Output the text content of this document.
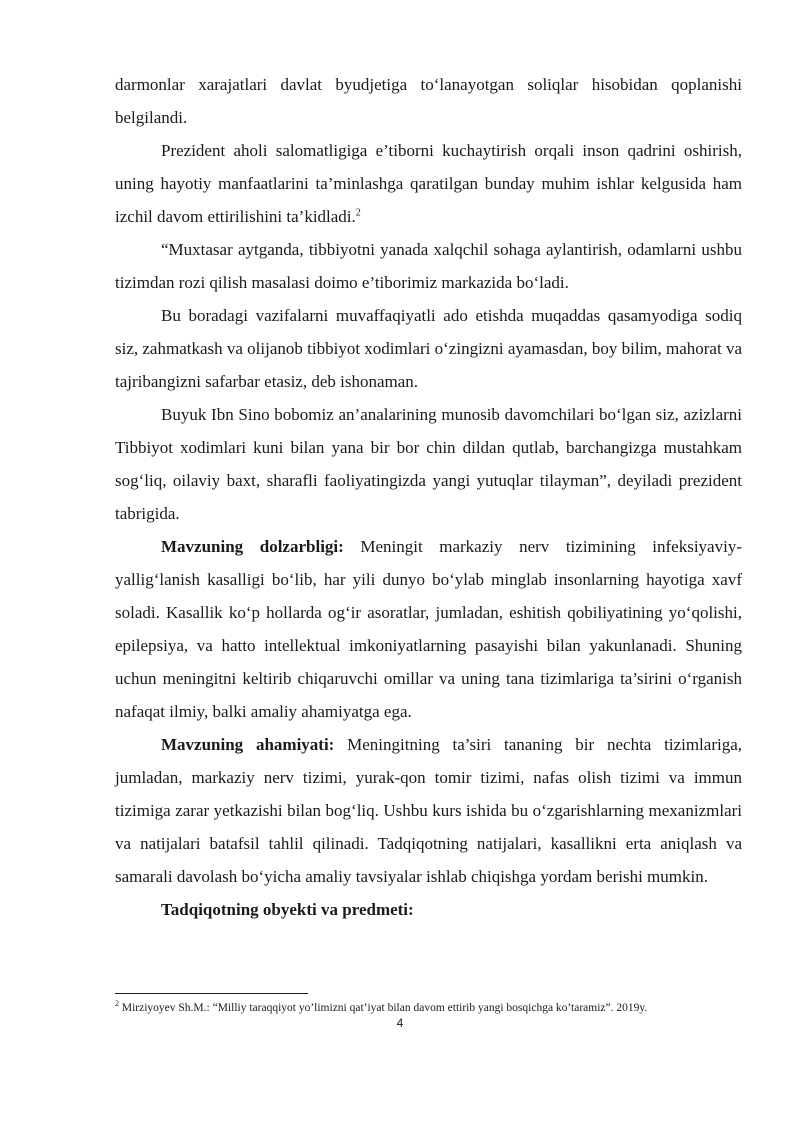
darmonlar xarajatlari davlat byudjetiga to‘lanayotgan soliqlar hisobidan qoplanishi belgilandi.

Prezident aholi salomatligiga e’tiborni kuchaytirish orqali inson qadrini oshirish, uning hayotiy manfaatlarini ta’minlashga qaratilgan bunday muhim ishlar kelgusida ham izchil davom ettirilishini ta’kidladi.$^2$

“Muxtasar aytganda, tibbiyotni yanada xalqchil sohaga aylantirish, odamlarni ushbu tizimdan rozi qilish masalasi doimo e’tiborimiz markazida bo‘ladi.

Bu boradagi vazifalarni muvaffaqiyatli ado etishda muqaddas qasamyodiga sodiq siz, zahmatkash va olijanob tibbiyot xodimlari o‘zingizni ayamasdan, boy bilim, mahorat va tajribangizni safarbar etasiz, deb ishonaman.

Buyuk Ibn Sino bobomiz an’analarining munosib davomchilari bo‘lgan siz, azizlarni Tibbiyot xodimlari kuni bilan yana bir bor chin dildan qutlab, barchangizga mustahkam sog‘liq, oilaviy baxt, sharafli faoliyatingizda yangi yutuqlar tilayman”, deyiladi prezident tabrigida.

Mavzuning dolzarbligi: Meningit markaziy nerv tizimining infeksiyaviy-yallig‘lanish kasalligi bo‘lib, har yili dunyo bo‘ylab minglab insonlarning hayotiga xavf soladi. Kasallik ko‘p hollarda og‘ir asoratlar, jumladan, eshitish qobiliyatining yo‘qolishi, epilepsiya, va hatto intellektual imkoniyatlarning pasayishi bilan yakunlanadi. Shuning uchun meningitni keltirib chiqaruvchi omillar va uning tana tizimlariga ta’sirini o‘rganish nafaqat ilmiy, balki amaliy ahamiyatga ega.

Mavzuning ahamiyati: Meningitning ta’siri tananing bir nechta tizimlariga, jumladan, markaziy nerv tizimi, yurak-qon tomir tizimi, nafas olish tizimi va immun tizimiga zarar yetkazishi bilan bog‘liq. Ushbu kurs ishida bu o‘zgarishlarning mexanizmlari va natijalari batafsil tahlil qilinadi. Tadqiqotning natijalari, kasallikni erta aniqlash va samarali davolash bo‘yicha amaliy tavsiyalar ishlab chiqishga yordam berishi mumkin.

Tadqiqotning obyekti va predmeti:

$^2$ Mirziyoyev Sh.M.: “Milliy taraqqiyot yo’limizni qat’iyat bilan davom ettirib yangi bosqichga ko’taramiz”. 2019y.
4
